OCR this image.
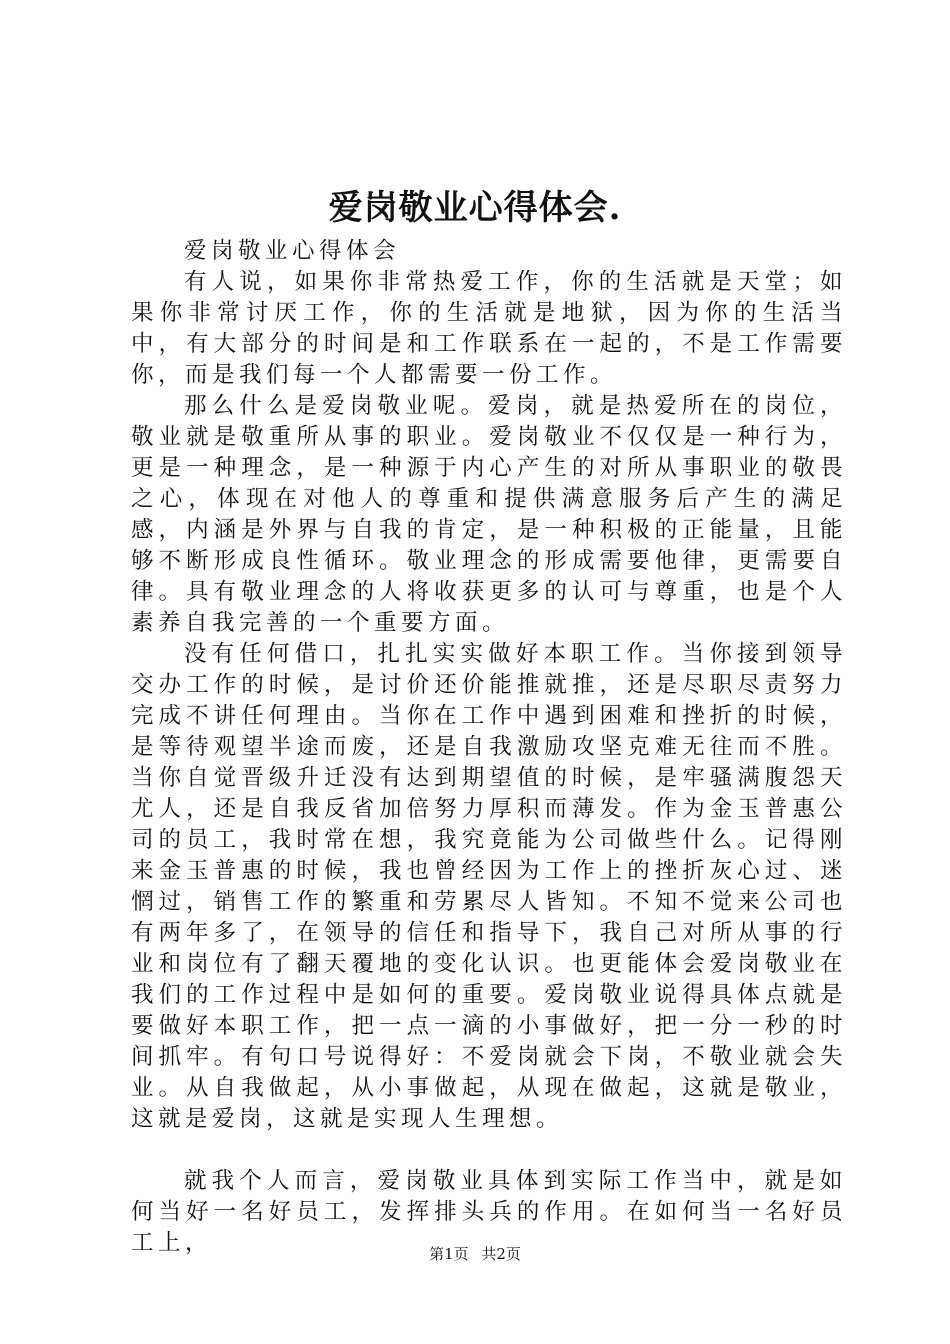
爱岗敬业心得体会.

爱岗敬业心得体会

有人说，如果你非常热爱工作，你的生活就是天堂；如果你非常讨厌工作，你的生活就是地狱，因为你的生活当中，有大部分的时间是和工作联系在一起的，不是工作需要你，而是我们每一个人都需要一份工作。

那么什么是爱岗敬业呢。爱岗，就是热爱所在的岗位，敬业就是敬重所从事的职业。爱岗敬业不仅仅是一种行为，更是一种理念，是一种源于内心产生的对所从事职业的敬畏之心，体现在对他人的尊重和提供满意服务后产生的满足感，内涵是外界与自我的肯定，是一种积极的正能量，且能够不断形成良性循环。敬业理念的形成需要他律，更需要自律。具有敬业理念的人将收获更多的认可与尊重，也是个人素养自我完善的一个重要方面。

没有任何借口，扎扎实实做好本职工作。当你接到领导交办工作的时候，是讨价还价能推就推，还是尽职尽责努力完成不讲任何理由。当你在工作中遇到困难和挫折的时候，是等待观望半途而废，还是自我激励攻坚克难无往而不胜。当你自觉晋级升迁没有达到期望值的时候，是牢骚满腹怨天尤人，还是自我反省加倍努力厚积而薄发。作为金玉普惠公司的员工，我时常在想，我究竟能为公司做些什么。记得刚来金玉普惠的时候，我也曾经因为工作上的挫折灰心过、迷惘过，销售工作的繁重和劳累尽人皆知。不知不觉来公司也有两年多了，在领导的信任和指导下，我自己对所从事的行业和岗位有了翻天覆地的变化认识。也更能体会爱岗敬业在我们的工作过程中是如何的重要。爱岗敬业说得具体点就是要做好本职工作，把一点一滴的小事做好，把一分一秒的时间抓牢。有句口号说得好：不爱岗就会下岗，不敬业就会失业。从自我做起，从小事做起，从现在做起，这就是敬业，这就是爱岗，这就是实现人生理想。

就我个人而言，爱岗敬业具体到实际工作当中，就是如何当好一名好员工，发挥排头兵的作用。在如何当一名好员工上，	第1页 共2页
